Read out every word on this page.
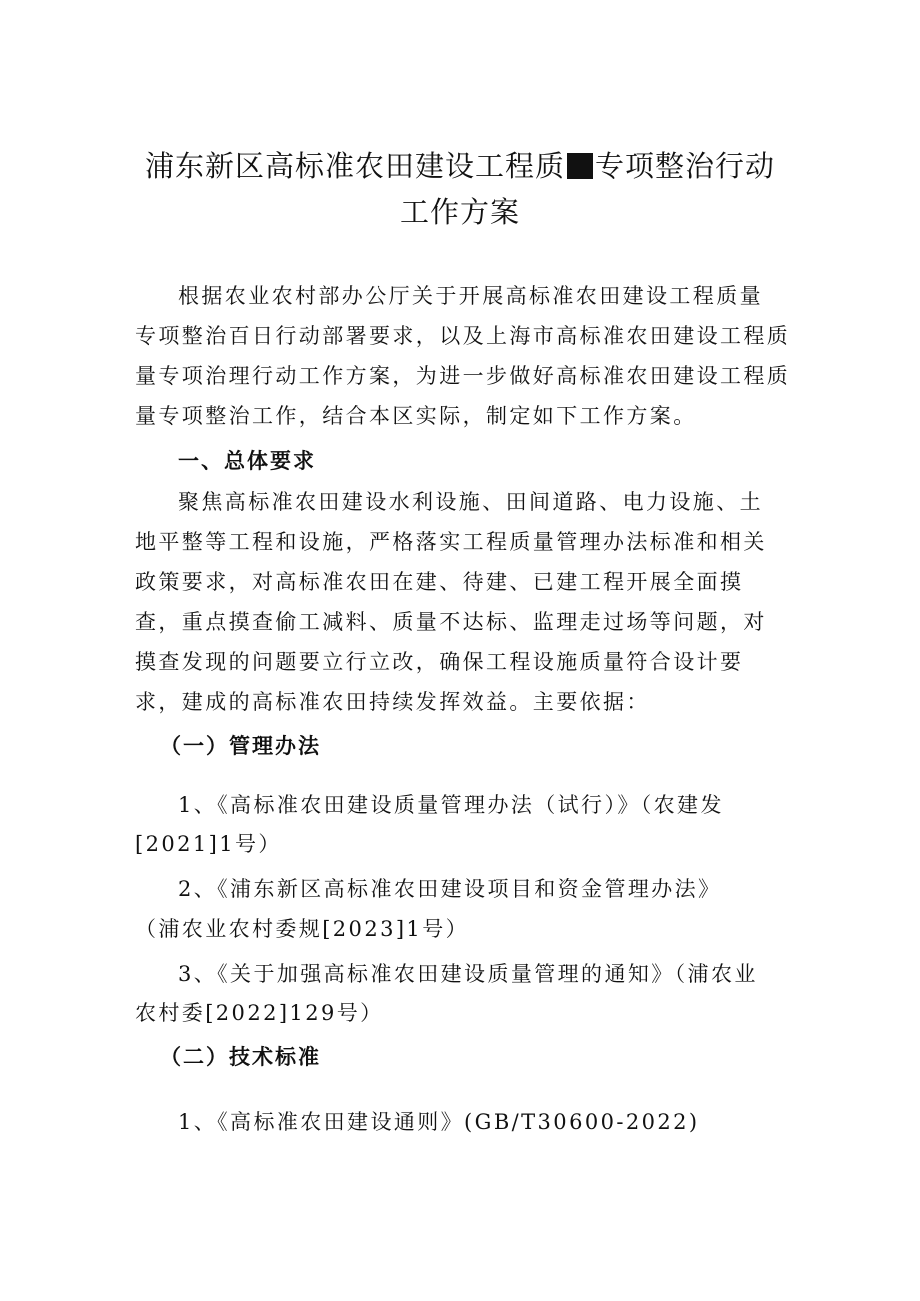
浦东新区高标准农田建设工程质 专项整治行动
工作方案
根据农业农村部办公厅关于开展高标准农田建设工程质量
专项整治百日行动部署要求，以及上海市高标准农田建设工程质
量专项治理行动工作方案，为进一步做好高标准农田建设工程质
量专项整治工作，结合本区实际，制定如下工作方案。
一、总体要求
聚焦高标准农田建设水利设施、田间道路、电力设施、土
地平整等工程和设施，严格落实工程质量管理办法标准和相关
政策要求，对高标准农田在建、待建、已建工程开展全面摸
查，重点摸查偷工减料、质量不达标、监理走过场等问题，对
摸查发现的问题要立行立改，确保工程设施质量符合设计要
求，建成的高标准农田持续发挥效益。主要依据：
（一）管理办法
1、《高标准农田建设质量管理办法（试行）》（农建发
[2021]1号）
2、《浦东新区高标准农田建设项目和资金管理办法》
（浦农业农村委规[2023]1号）
3、《关于加强高标准农田建设质量管理的通知》（浦农业
农村委[2022]129号）
（二）技术标准
1、《高标准农田建设通则》(GB/T30600-2022)
